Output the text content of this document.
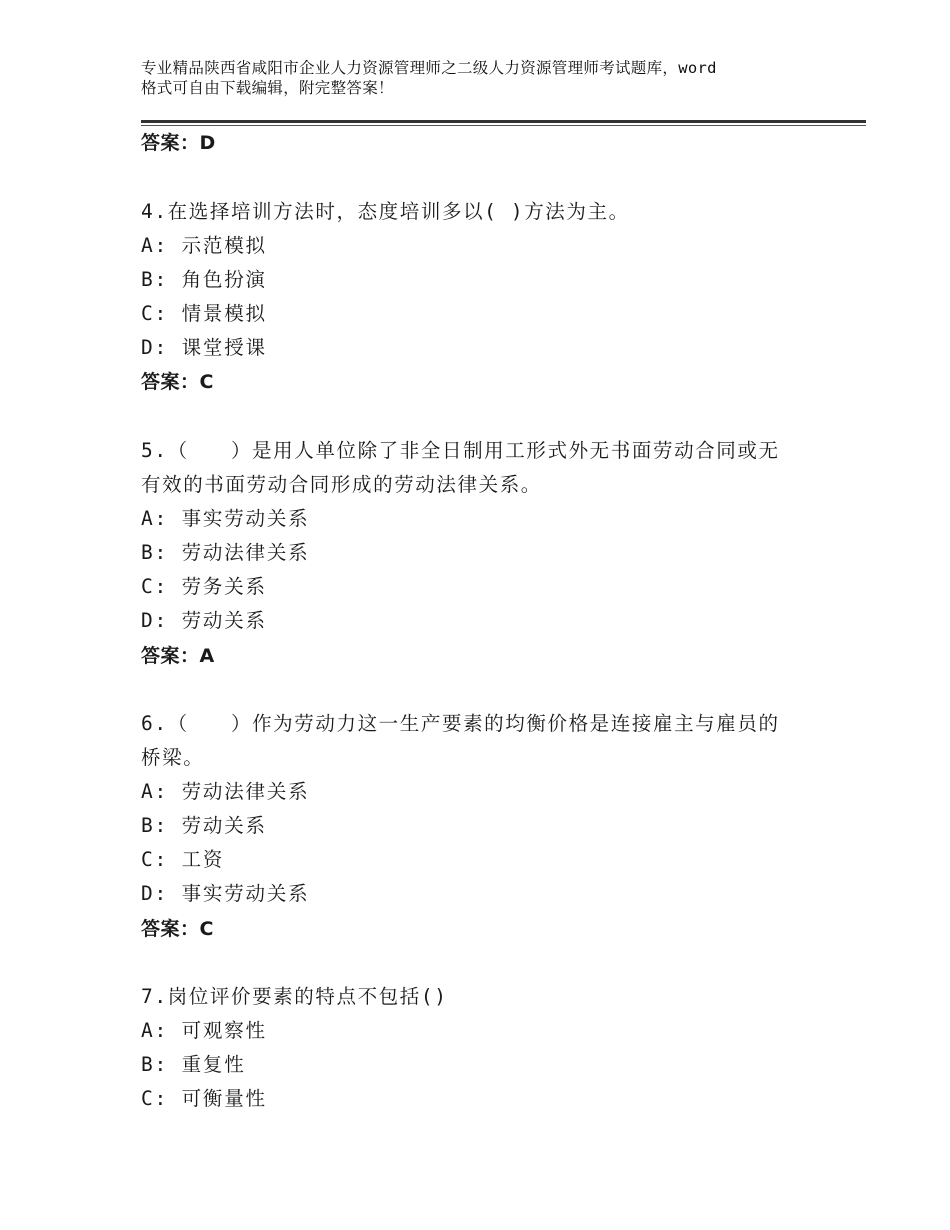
专业精品陕西省咸阳市企业人力资源管理师之二级人力资源管理师考试题库，word
格式可自由下载编辑，附完整答案！
答案：D
4.在选择培训方法时，态度培训多以( )方法为主。
A: 示范模拟
B: 角色扮演
C: 情景模拟
D: 课堂授课
答案：C
5.（　　）是用人单位除了非全日制用工形式外无书面劳动合同或无
有效的书面劳动合同形成的劳动法律关系。
A: 事实劳动关系
B: 劳动法律关系
C: 劳务关系
D: 劳动关系
答案：A
6.（　　）作为劳动力这一生产要素的均衡价格是连接雇主与雇员的
桥梁。
A: 劳动法律关系
B: 劳动关系
C: 工资
D: 事实劳动关系
答案：C
7.岗位评价要素的特点不包括()
A: 可观察性
B: 重复性
C: 可衡量性
